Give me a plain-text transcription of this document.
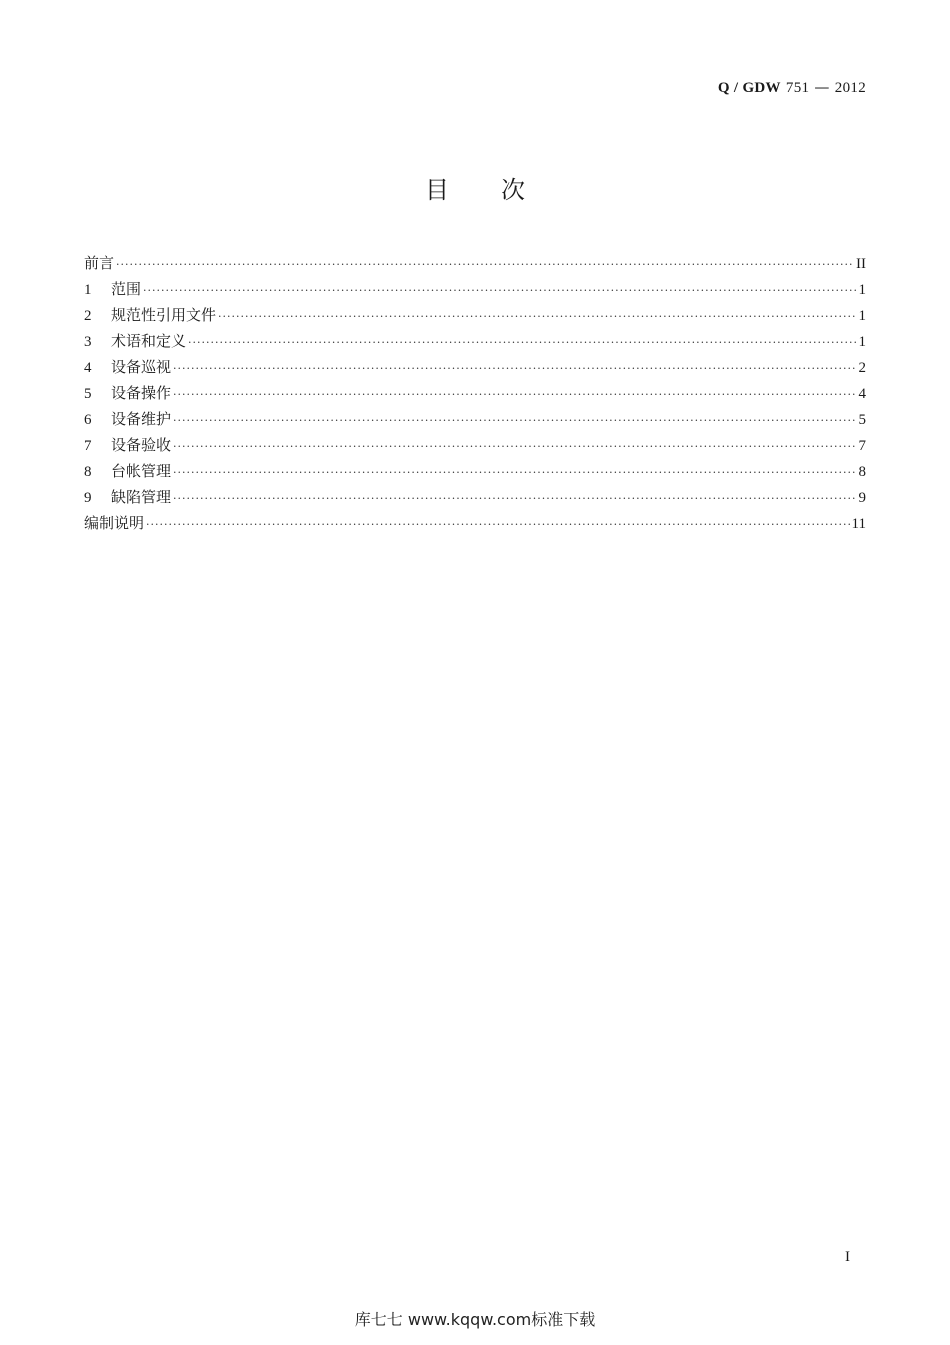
Q / GDW 751 — 2012
目 次
前言 ·····	II
1	范围 ·····	1
2	规范性引用文件 ·····	1
3	术语和定义 ·····	1
4	设备巡视 ·····	2
5	设备操作 ·····	4
6	设备维护 ·····	5
7	设备验收 ·····	7
8	台帐管理 ·····	8
9	缺陷管理 ·····	9
编制说明 ·····	11
I
库七七 www.kqqw.com标准下载
